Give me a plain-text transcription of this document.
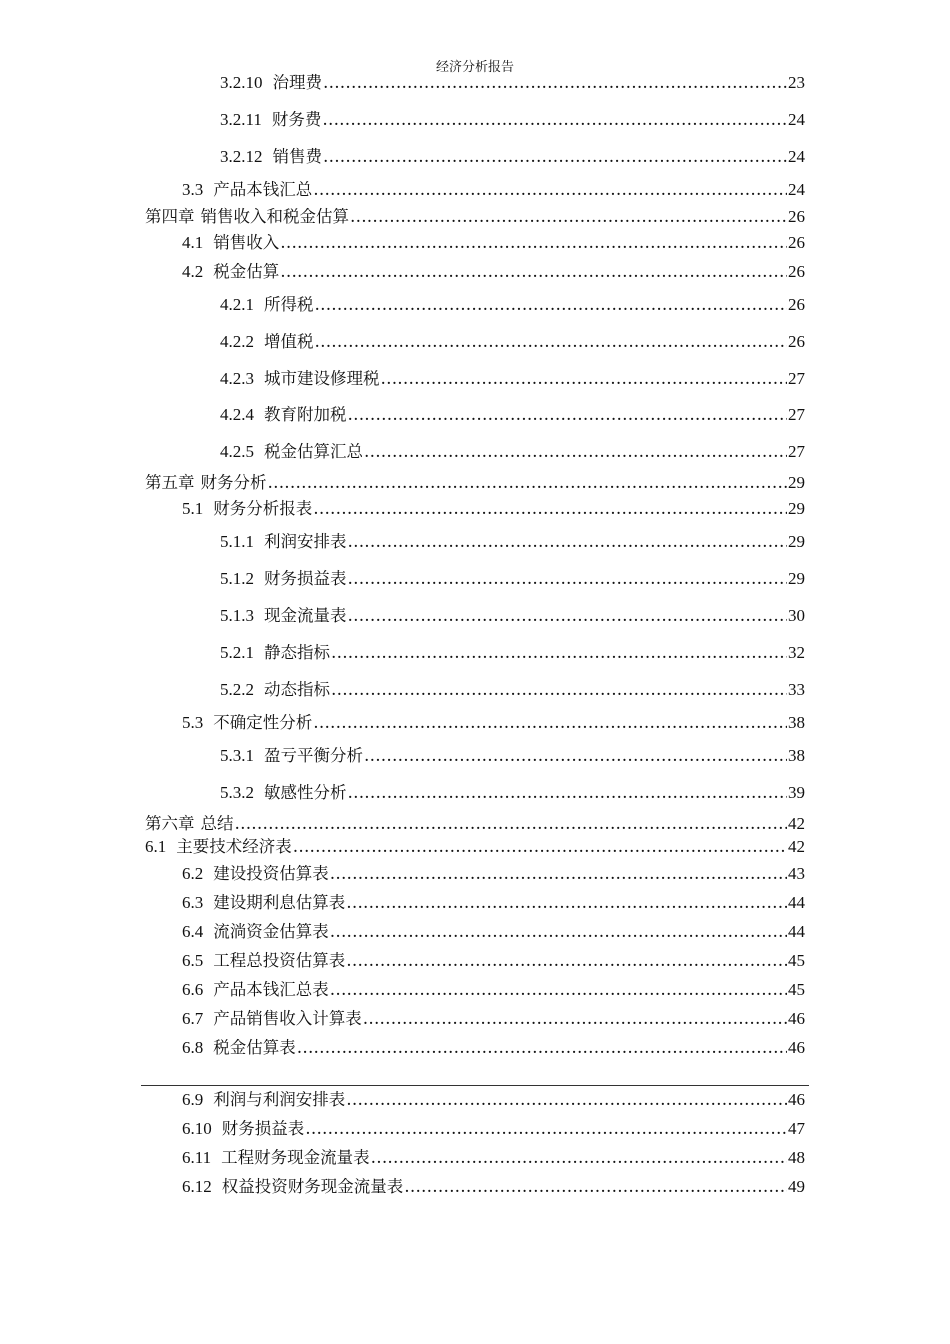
经济分析报告
3.2.10 治理费 .....	23
3.2.11 财务费 .....	24
3.2.12 销售费 .....	24
3.3 产品本钱汇总 .....	24
第四章 销售收入和税金估算 .....	26
4.1 销售收入 .....	26
4.2 税金估算 .....	26
4.2.1 所得税 .....	26
4.2.2 增值税 .....	26
4.2.3 城市建设修理税 .....	27
4.2.4 教育附加税 .....	27
4.2.5 税金估算汇总 .....	27
第五章 财务分析 .....	29
5.1 财务分析报表 .....	29
5.1.1 利润安排表 .....	29
5.1.2 财务损益表 .....	29
5.1.3 现金流量表 .....	30
5.2.1 静态指标 .....	32
5.2.2 动态指标 .....	33
5.3 不确定性分析 .....	38
5.3.1 盈亏平衡分析 .....	38
5.3.2 敏感性分析 .....	39
第六章 总结 .....	42
6.1 主要技术经济表 .....	42
6.2 建设投资估算表 .....	43
6.3 建设期利息估算表 .....	44
6.4 流淌资金估算表 .....	44
6.5 工程总投资估算表 .....	45
6.6 产品本钱汇总表 .....	45
6.7 产品销售收入计算表 .....	46
6.8 税金估算表 .....	46
6.9 利润与利润安排表 .....	46
6.10 财务损益表 .....	47
6.11 工程财务现金流量表 .....	48
6.12 权益投资财务现金流量表 .....	49
